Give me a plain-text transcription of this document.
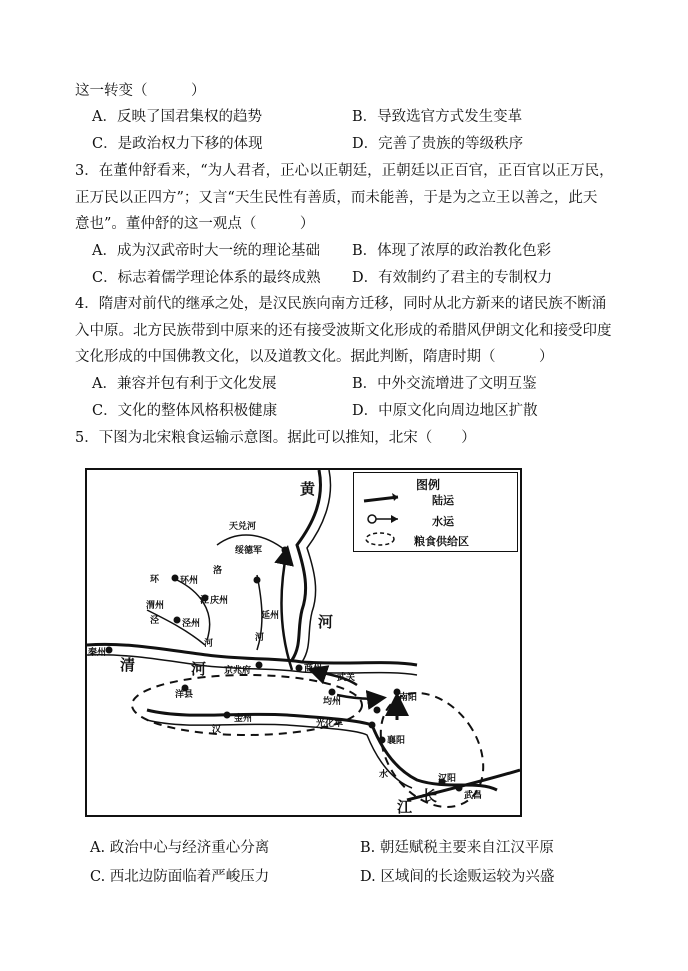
这一转变（　　　）
A．反映了国君集权的趋势	B．导致选官方式发生变革
C．是政治权力下移的体现	D．完善了贵族的等级秩序
3．在董仲舒看来，“为人君者，正心以正朝廷，正朝廷以正百官，正百官以正万民，
正万民以正四方”；又言“天生民性有善质，而未能善，于是为之立王以善之，此天
意也”。董仲舒的这一观点（　　　）
A．成为汉武帝时大一统的理论基础 B．体现了浓厚的政治教化色彩
C．标志着儒学理论体系的最终成熟 D．有效制约了君主的专制权力
4．隋唐对前代的继承之处，是汉民族向南方迁移，同时从北方新来的诸民族不断涌
入中原。北方民族带到中原来的还有接受波斯文化形成的希腊风伊朗文化和接受印度
文化形成的中国佛教文化，以及道教文化。据此判断，隋唐时期（　　　）
A．兼容并包有利于文化发展	B．中外交流增进了文明互鉴
C．文化的整体风格积极健康	D．中原文化向周边地区扩散
5．下图为北宋粮食运输示意图。据此可以推知，北宋（　　）
图例
陆运
水运
粮食供给区
黄
河
清	河
长
江
天兑河
绥德军
洛
环 环州
庆州
延州
渭州	江
河
泾	泾州
河
秦州
京兆府	商州
武关
洋县
均州	南阳
金州
汉
光化军
襄阳
水	汉阳
武昌
A. 政治中心与经济重心分离	B. 朝廷赋税主要来自江汉平原
C. 西北边防面临着严峻压力	D. 区域间的长途贩运较为兴盛
